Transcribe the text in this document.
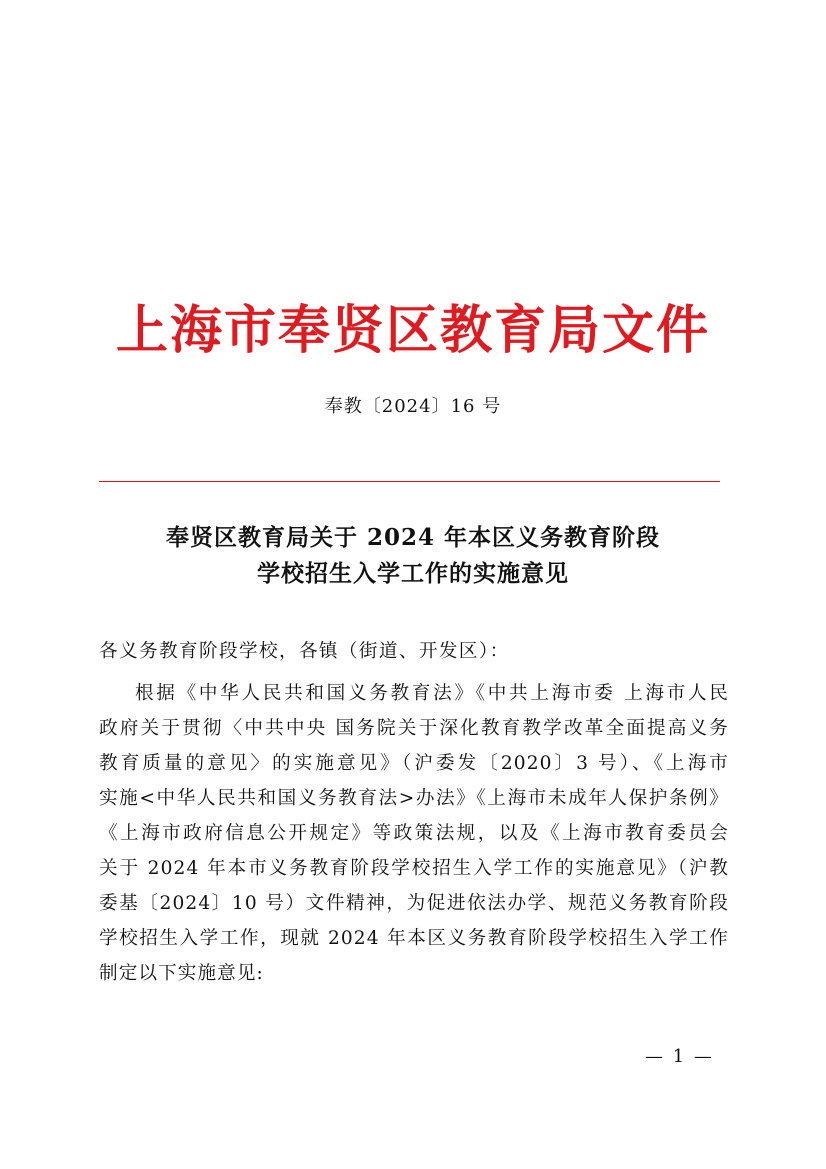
上海市奉贤区教育局文件
奉教〔2024〕16 号
奉贤区教育局关于 2024 年本区义务教育阶段
学校招生入学工作的实施意见
各义务教育阶段学校，各镇（街道、开发区）：
根据《中华人民共和国义务教育法》《中共上海市委 上海市人民
政府关于贯彻〈中共中央 国务院关于深化教育教学改革全面提高义务
教育质量的意见〉的实施意见》（沪委发〔2020〕3 号）、《上海市
实施<中华人民共和国义务教育法>办法》《上海市未成年人保护条例》
《上海市政府信息公开规定》等政策法规，以及《上海市教育委员会
关于 2024 年本市义务教育阶段学校招生入学工作的实施意见》（沪教
委基〔2024〕10 号）文件精神，为促进依法办学、规范义务教育阶段
学校招生入学工作，现就 2024 年本区义务教育阶段学校招生入学工作
制定以下实施意见:
— 1 —
